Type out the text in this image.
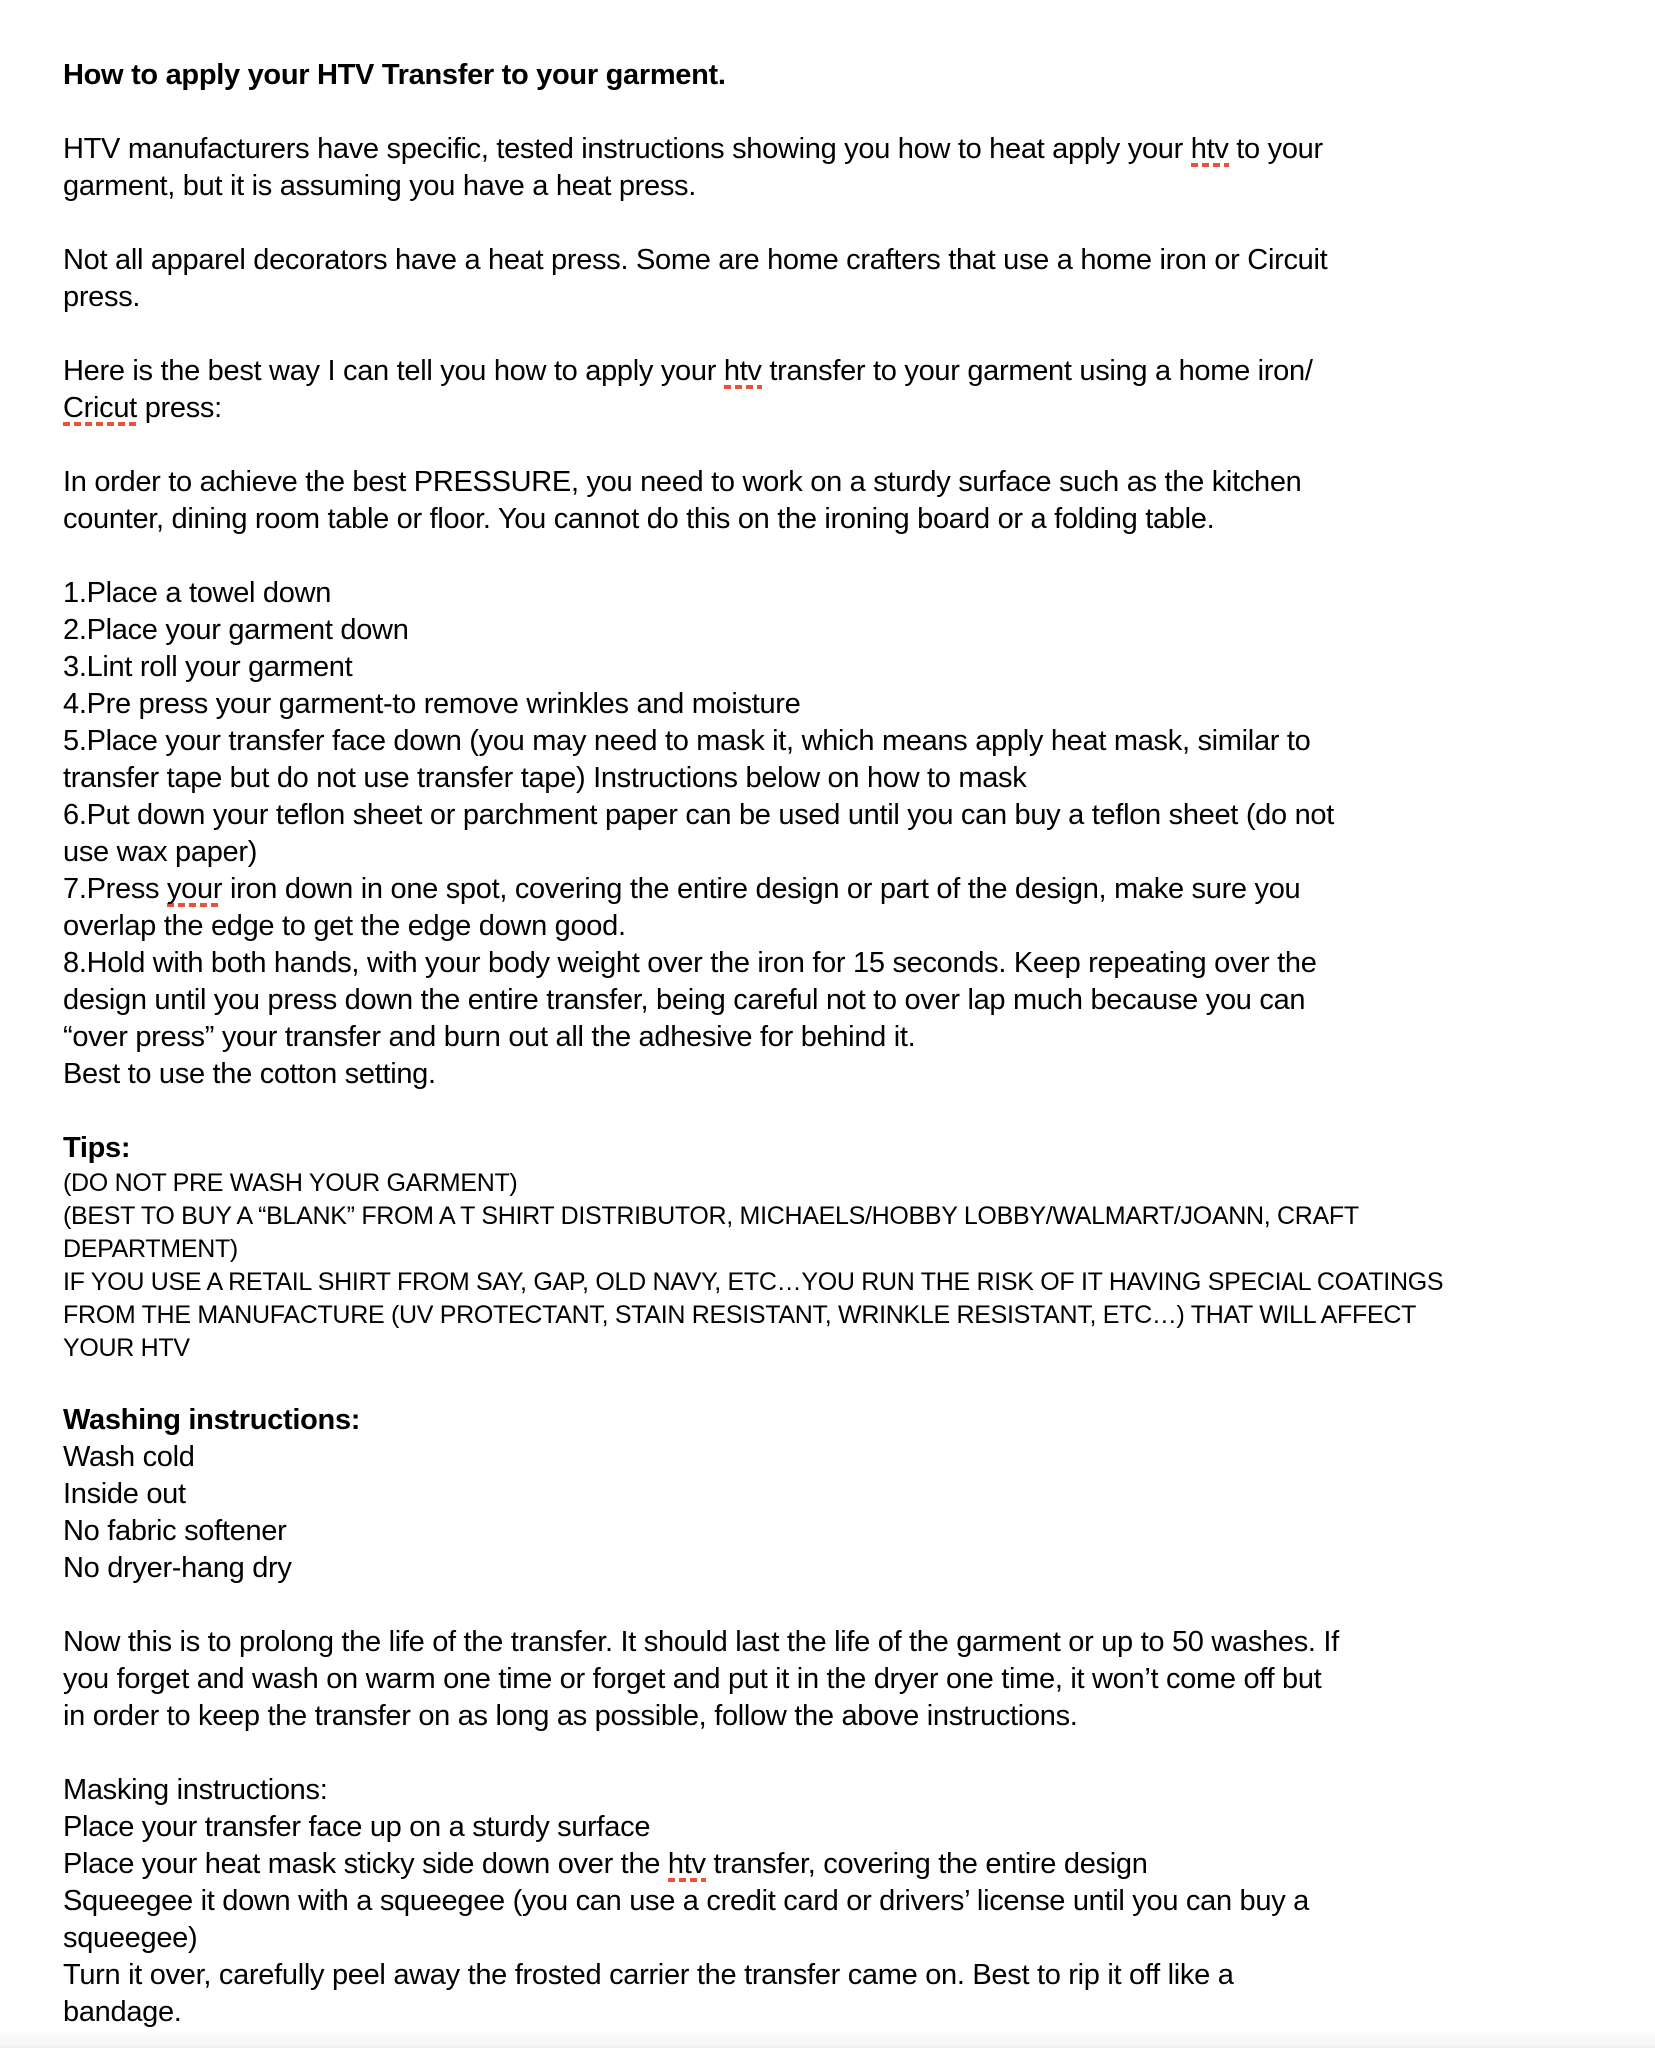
How to apply your HTV Transfer to your garment.
HTV manufacturers have specific, tested instructions showing you how to heat apply your htv to your
garment, but it is assuming you have a heat press.
Not all apparel decorators have a heat press. Some are home crafters that use a home iron or Circuit
press.
Here is the best way I can tell you how to apply your htv transfer to your garment using a home iron/
Cricut press:
In order to achieve the best PRESSURE, you need to work on a sturdy surface such as the kitchen
counter, dining room table or floor. You cannot do this on the ironing board or a folding table.
1.Place a towel down
2.Place your garment down
3.Lint roll your garment
4.Pre press your garment-to remove wrinkles and moisture
5.Place your transfer face down (you may need to mask it, which means apply heat mask, similar to
transfer tape but do not use transfer tape) Instructions below on how to mask
6.Put down your teflon sheet or parchment paper can be used until you can buy a teflon sheet (do not
use wax paper)
7.Press your iron down in one spot, covering the entire design or part of the design, make sure you
overlap the edge to get the edge down good.
8.Hold with both hands, with your body weight over the iron for 15 seconds. Keep repeating over the
design until you press down the entire transfer, being careful not to over lap much because you can
“over press” your transfer and burn out all the adhesive for behind it.
Best to use the cotton setting.
Tips:
(DO NOT PRE WASH YOUR GARMENT)
(BEST TO BUY A “BLANK” FROM A T SHIRT DISTRIBUTOR, MICHAELS/HOBBY LOBBY/WALMART/JOANN, CRAFT
DEPARTMENT)
IF YOU USE A RETAIL SHIRT FROM SAY, GAP, OLD NAVY, ETC…YOU RUN THE RISK OF IT HAVING SPECIAL COATINGS
FROM THE MANUFACTURE (UV PROTECTANT, STAIN RESISTANT, WRINKLE RESISTANT, ETC…) THAT WILL AFFECT
YOUR HTV
Washing instructions:
Wash cold
Inside out
No fabric softener
No dryer-hang dry
Now this is to prolong the life of the transfer. It should last the life of the garment or up to 50 washes. If
you forget and wash on warm one time or forget and put it in the dryer one time, it won’t come off but
in order to keep the transfer on as long as possible, follow the above instructions.
Masking instructions:
Place your transfer face up on a sturdy surface
Place your heat mask sticky side down over the htv transfer, covering the entire design
Squeegee it down with a squeegee (you can use a credit card or drivers’ license until you can buy a
squeegee)
Turn it over, carefully peel away the frosted carrier the transfer came on. Best to rip it off like a
bandage.
